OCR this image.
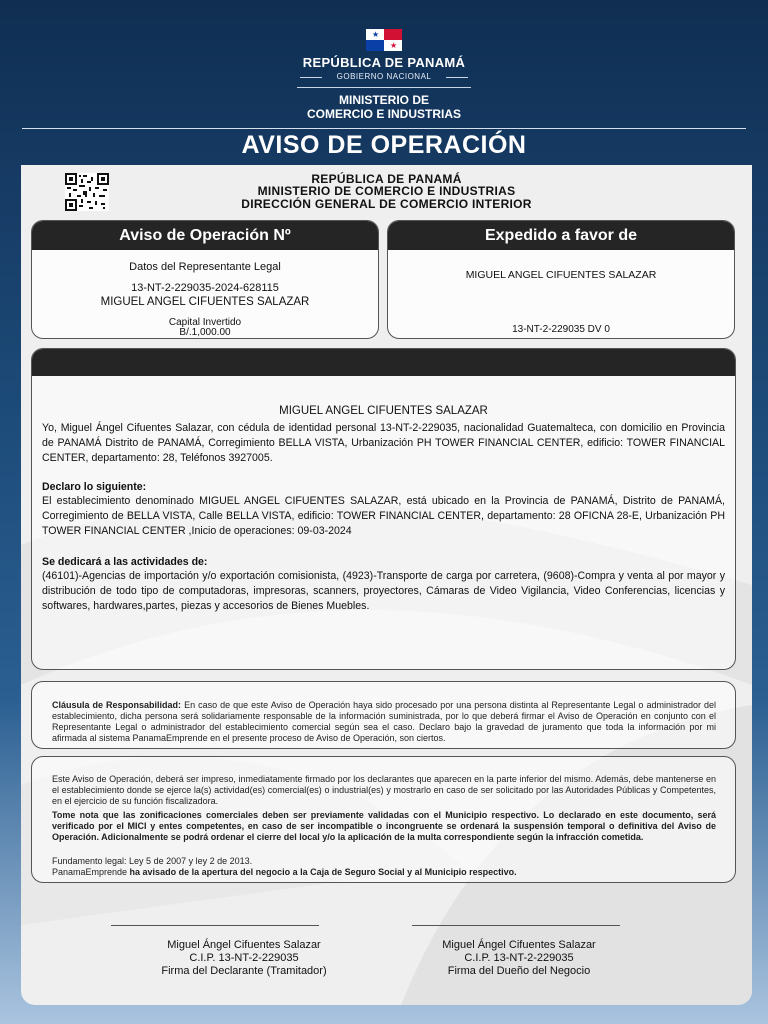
★
★
REPÚBLICA DE PANAMÁ
GOBIERNO NACIONAL
MINISTERIO DE
COMERCIO E INDUSTRIAS
AVISO DE OPERACIÓN
REPÚBLICA DE PANAMÁ
MINISTERIO DE COMERCIO E INDUSTRIAS
DIRECCIÓN GENERAL DE COMERCIO INTERIOR
Aviso de Operación Nº
Datos del Representante Legal
13-NT-2-229035-2024-628115
MIGUEL ANGEL CIFUENTES SALAZAR
Capital Invertido
B/.1,000.00
Expedido a favor de
MIGUEL ANGEL CIFUENTES SALAZAR
13-NT-2-229035 DV 0
MIGUEL ANGEL CIFUENTES SALAZAR
Yo, Miguel Ángel Cifuentes Salazar, con cédula de identidad personal 13-NT-2-229035, nacionalidad Guatemalteca, con domicilio en Provincia de PANAMÁ Distrito de PANAMÁ, Corregimiento BELLA VISTA, Urbanización PH TOWER FINANCIAL CENTER, edificio: TOWER FINANCIAL CENTER, departamento: 28, Teléfonos 3927005.
Declaro lo siguiente:
El establecimiento denominado MIGUEL ANGEL CIFUENTES SALAZAR, está ubicado en la Provincia de PANAMÁ, Distrito de PANAMÁ, Corregimiento de BELLA VISTA, Calle BELLA VISTA, edificio: TOWER FINANCIAL CENTER, departamento: 28 OFICNA 28-E, Urbanización PH TOWER FINANCIAL CENTER ,Inicio de operaciones: 09-03-2024
Se dedicará a las actividades de:
(46101)-Agencias de importación y/o exportación comisionista, (4923)-Transporte de carga por carretera, (9608)-Compra y venta al por mayor y distribución de todo tipo de computadoras, impresoras, scanners, proyectores, Cámaras de Video Vigilancia, Video Conferencias, licencias y softwares, hardwares,partes, piezas y accesorios de Bienes Muebles.
Cláusula de Responsabilidad: En caso de que este Aviso de Operación haya sido procesado por una persona distinta al Representante Legal o administrador del establecimiento, dicha persona será solidariamente responsable de la información suministrada, por lo que deberá firmar el Aviso de Operación en conjunto con el Representante Legal o administrador del establecimiento comercial según sea el caso. Declaro bajo la gravedad de juramento que toda la información por mi afirmada al sistema PanamaEmprende en el presente proceso de Aviso de Operación, son ciertos.
Este Aviso de Operación, deberá ser impreso, inmediatamente firmado por los declarantes que aparecen en la parte inferior del mismo. Además, debe mantenerse en el establecimiento donde se ejerce la(s) actividad(es) comercial(es) o industrial(es) y mostrarlo en caso de ser solicitado por las Autoridades Públicas y Competentes, en el ejercicio de su función fiscalizadora.
Tome nota que las zonificaciones comerciales deben ser previamente validadas con el Municipio respectivo. Lo declarado en este documento, será verificado por el MICI y entes competentes, en caso de ser incompatible o incongruente se ordenará la suspensión temporal o definitiva del Aviso de Operación. Adicionalmente se podrá ordenar el cierre del local y/o la aplicación de la multa correspondiente según la infracción cometida.
Fundamento legal: Ley 5 de 2007 y ley 2 de 2013.
PanamaEmprende ha avisado de la apertura del negocio a la Caja de Seguro Social y al Municipio respectivo.
Miguel Ángel Cifuentes Salazar
C.I.P. 13-NT-2-229035
Firma del Declarante (Tramitador)
Miguel Ángel Cifuentes Salazar
C.I.P. 13-NT-2-229035
Firma del Dueño del Negocio
